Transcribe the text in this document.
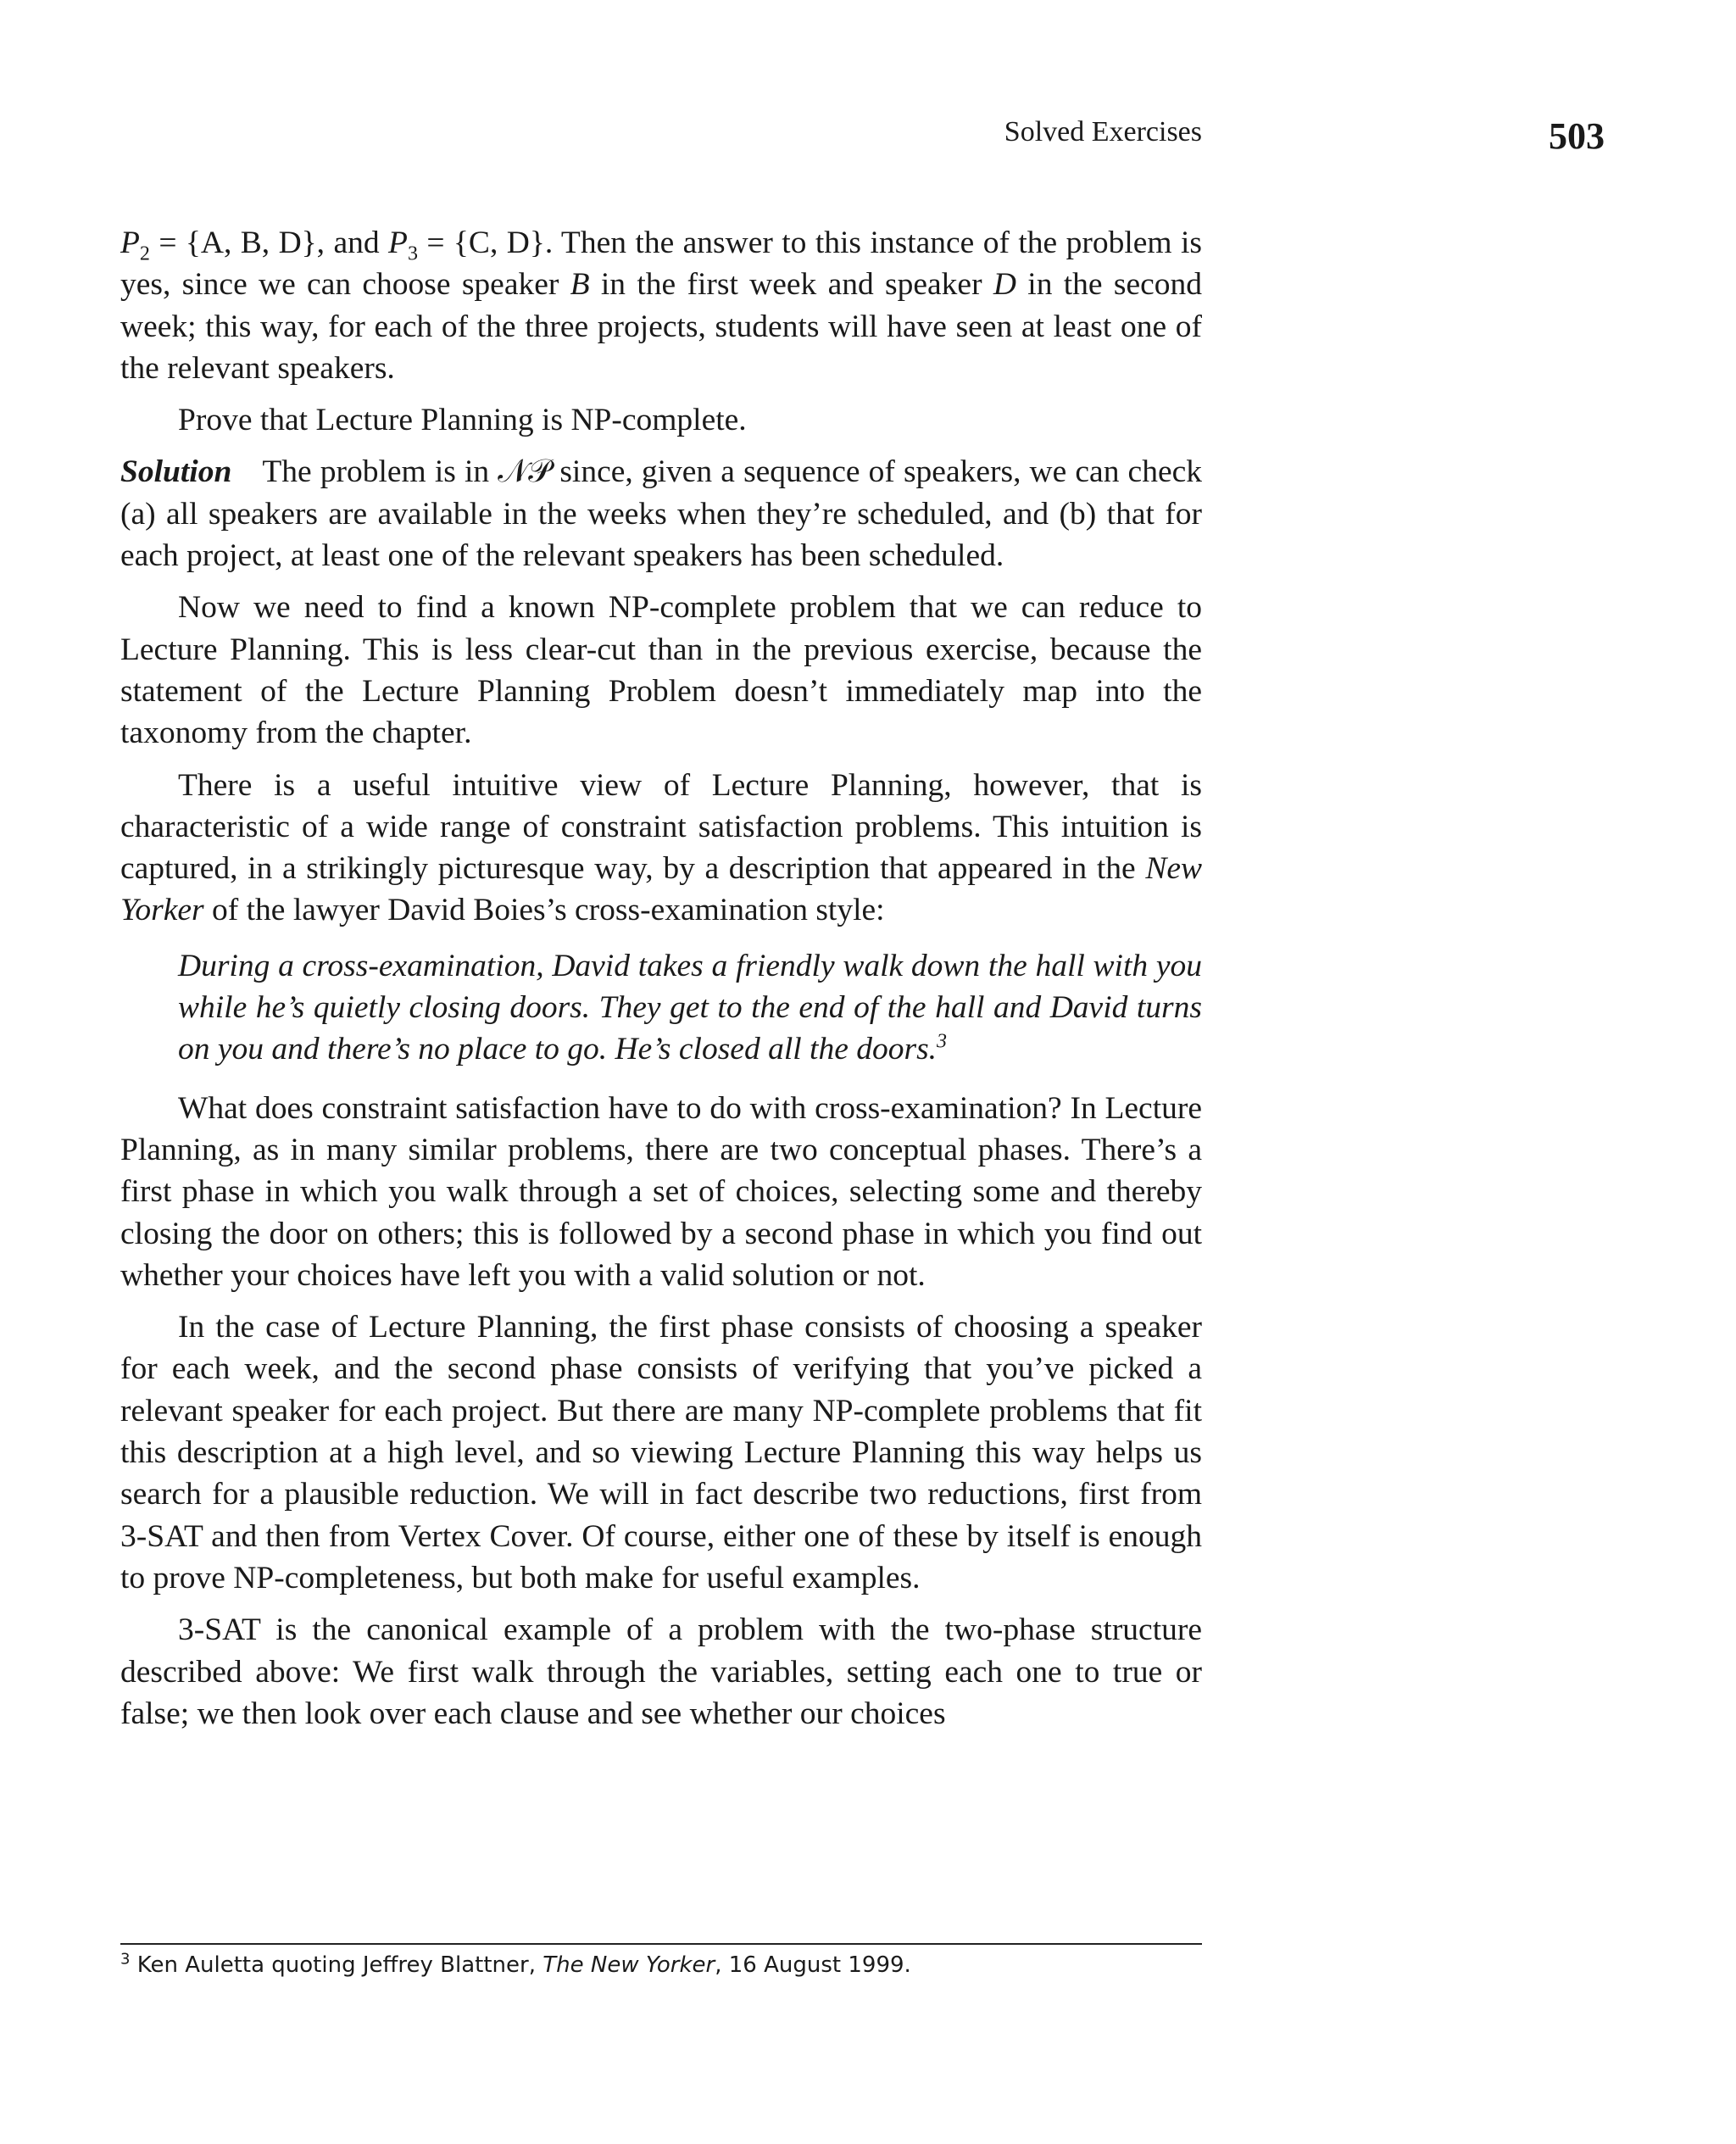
Solved Exercises	503

$P_2 = \{A$, B, D}, and $P_3 = \{C$, D}. Then the answer to this instance of the problem is yes, since we can choose speaker B in the first week and speaker D in the second week; this way, for each of the three projects, students will have seen at least one of the relevant speakers.

Prove that Lecture Planning is NP-complete.

Solution The problem is in 𝒩𝒫 since, given a sequence of speakers, we can check (a) all speakers are available in the weeks when they’re scheduled, and (b) that for each project, at least one of the relevant speakers has been scheduled.

Now we need to find a known NP-complete problem that we can reduce to Lecture Planning. This is less clear-cut than in the previous exercise, because the statement of the Lecture Planning Problem doesn’t immediately map into the taxonomy from the chapter.

There is a useful intuitive view of Lecture Planning, however, that is characteristic of a wide range of constraint satisfaction problems. This intuition is captured, in a strikingly picturesque way, by a description that appeared in the New Yorker of the lawyer David Boies’s cross-examination style:

During a cross-examination, David takes a friendly walk down the hall with you while he’s quietly closing doors. They get to the end of the hall and David turns on you and there’s no place to go. He’s closed all the doors.$^3$

What does constraint satisfaction have to do with cross-examination? In Lecture Planning, as in many similar problems, there are two conceptual phases. There’s a first phase in which you walk through a set of choices, selecting some and thereby closing the door on others; this is followed by a second phase in which you find out whether your choices have left you with a valid solution or not.

In the case of Lecture Planning, the first phase consists of choosing a speaker for each week, and the second phase consists of verifying that you’ve picked a relevant speaker for each project. But there are many NP-complete problems that fit this description at a high level, and so viewing Lecture Planning this way helps us search for a plausible reduction. We will in fact describe two reductions, first from 3-SAT and then from Vertex Cover. Of course, either one of these by itself is enough to prove NP-completeness, but both make for useful examples.

3-SAT is the canonical example of a problem with the two-phase structure described above: We first walk through the variables, setting each one to true or false; we then look over each clause and see whether our choices

$^3$ Ken Auletta quoting Jeffrey Blattner, The New Yorker, 16 August 1999.
